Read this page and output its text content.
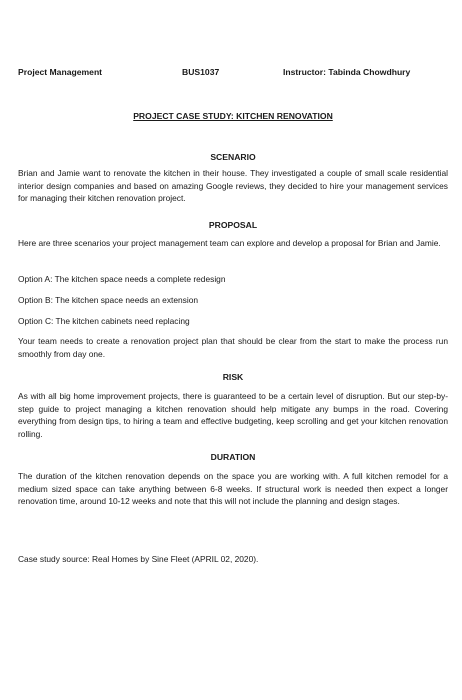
Project Management	BUS1037	Instructor: Tabinda Chowdhury
PROJECT CASE STUDY: KITCHEN RENOVATION
SCENARIO
Brian and Jamie want to renovate the kitchen in their house. They investigated a couple of small scale residential interior design companies and based on amazing Google reviews, they decided to hire your management services for managing their kitchen renovation project.
PROPOSAL
Here are three scenarios your project management team can explore and develop a proposal for Brian and Jamie.
Option A: The kitchen space needs a complete redesign
Option B: The kitchen space needs an extension
Option C: The kitchen cabinets need replacing
Your team needs to create a renovation project plan that should be clear from the start to make the process run smoothly from day one.
RISK
As with all big home improvement projects, there is guaranteed to be a certain level of disruption. But our step-by-step guide to project managing a kitchen renovation should help mitigate any bumps in the road. Covering everything from design tips, to hiring a team and effective budgeting, keep scrolling and get your kitchen renovation rolling.
DURATION
The duration of the kitchen renovation depends on the space you are working with. A full kitchen remodel for a medium sized space can take anything between 6-8 weeks. If structural work is needed then expect a longer renovation time, around 10-12 weeks and note that this will not include the planning and design stages.
Case study source: Real Homes by Sine Fleet (APRIL 02, 2020).
